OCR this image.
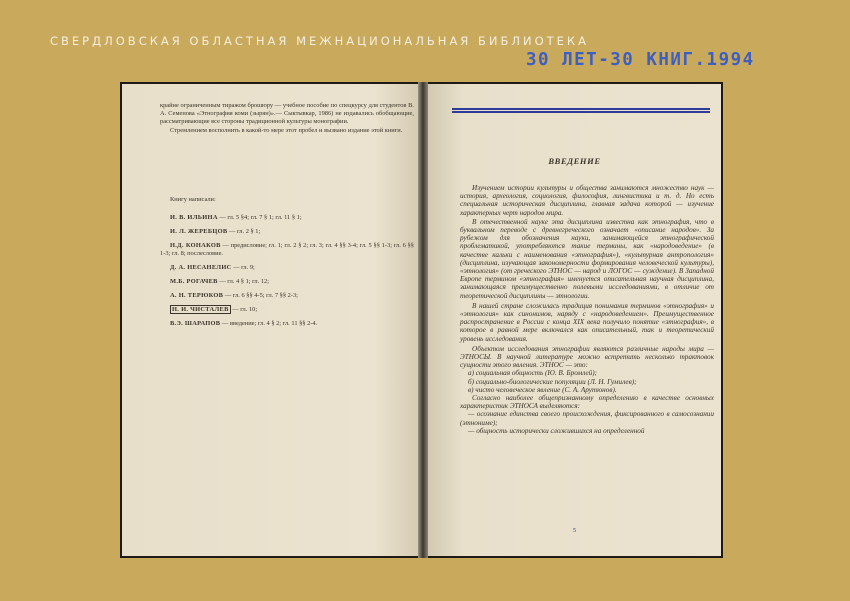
СВЕРДЛОВСКАЯ ОБЛАСТНАЯ МЕЖНАЦИОНАЛЬНАЯ БИБЛИОТЕКА
30 ЛЕТ-30 КНИГ.1994

крайне ограниченным тиражом брошюру — учебное пособие по спецкурсу для студентов В. А. Семенова «Этнография коми (зырян)».— Сыктывкар, 1986) не издавались обобщающие, рассматривающие все стороны традиционной культуры монографии.

Стремлением восполнить в какой-то мере этот пробел и вызвано издание этой книги.

Книгу написали:

И. В. ИЛЬИНА — гл. 5 §4; гл. 7 § 1; гл. 11 § 1;

И. Л. ЖЕРЕБЦОВ — гл. 2 § 1;

Н.Д. КОНАКОВ — предисловие; гл. 1; гл. 2 § 2; гл. 3; гл. 4 §§ 3-4; гл. 5 §§ 1-3; гл. 6 §§ 1-3; гл. 8; послесловие.

Д. А. НЕСАНЕЛИС — гл. 9;

М.Б. РОГАЧЕВ — гл. 4 § 1; гл. 12;

А. Н. ТЕРЮКОВ — гл. 6 §§ 4-5; гл. 7 §§ 2-3;

Н. И. ЧИСТАЛЕВ — гл. 10;

В.Э. ШАРАПОВ — введение; гл. 4 § 2; гл. 11 §§ 2-4.

ВВЕДЕНИЕ

Изучением истории культуры и общества занимаются множество наук — история, археология, социология, философия, лингвистика и т. д. Но есть специальная историческая дисциплина, главная задача которой — изучение характерных черт народов мира.

В отечественной науке эта дисциплина известна как этнография, что в буквальном переводе с древнегреческого означает «описание народов». За рубежом для обозначения науки, занимающейся этнографической проблематикой, употребляются такие термины, как «народоведение» (в качестве кальки с наименования «этнография»), «культурная антропология» (дисциплина, изучающая закономерности формирования человеческой культуры), «этнология» (от греческого ЭТНОС — народ и ЛОГОС — суждение). В Западной Европе термином «этнография» именуется описательная научная дисциплина, занимающаяся преимущественно полевыми исследованиями, в отличие от теоретической дисциплины — этнологии.

В нашей стране сложилась традиция понимания терминов «этнография» и «этнология» как синонимов, наряду с «народоведением». Преимущественное распространение в России с конца XIX века получило понятие «этнография», в которое в равной мере включался как описательный, так и теоретический уровень исследования.

Объектом исследования этнографии являются различные народы мира — ЭТНОСЫ. В научной литературе можно встретить несколько трактовок сущности этого явления. ЭТНОС — это:

а) социальная общность (Ю. В. Бромлей);

б) социально-биологические популяции (Л. Н. Гумилев);

в) чисто человеческое явление (С. А. Арутюнов).

Согласно наиболее общепризнанному определению в качестве основных характеристик ЭТНОСА выделяются:

— осознание единства своего происхождения, фиксированного в самосознании (этнониме);

— общность исторически сложившихся на определенной

5
